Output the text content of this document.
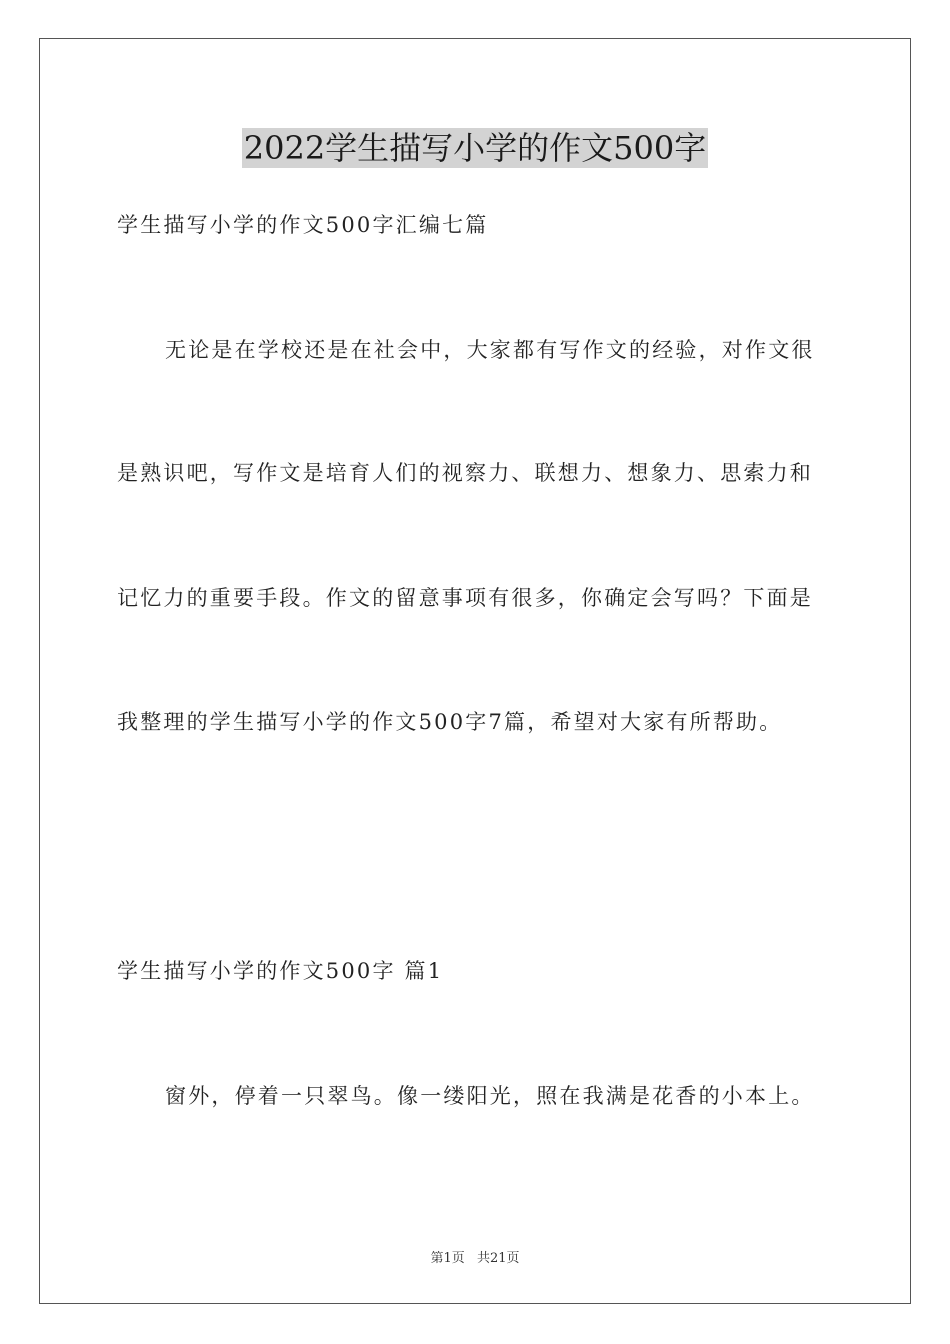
2022学生描写小学的作文500字
学生描写小学的作文500字汇编七篇
无论是在学校还是在社会中，大家都有写作文的经验，对作文很
是熟识吧，写作文是培育人们的视察力、联想力、想象力、思索力和
记忆力的重要手段。作文的留意事项有很多，你确定会写吗？下面是
我整理的学生描写小学的作文500字7篇，希望对大家有所帮助。
学生描写小学的作文500字 篇1
窗外，停着一只翠鸟。像一缕阳光，照在我满是花香的小本上。
第1页 共21页
